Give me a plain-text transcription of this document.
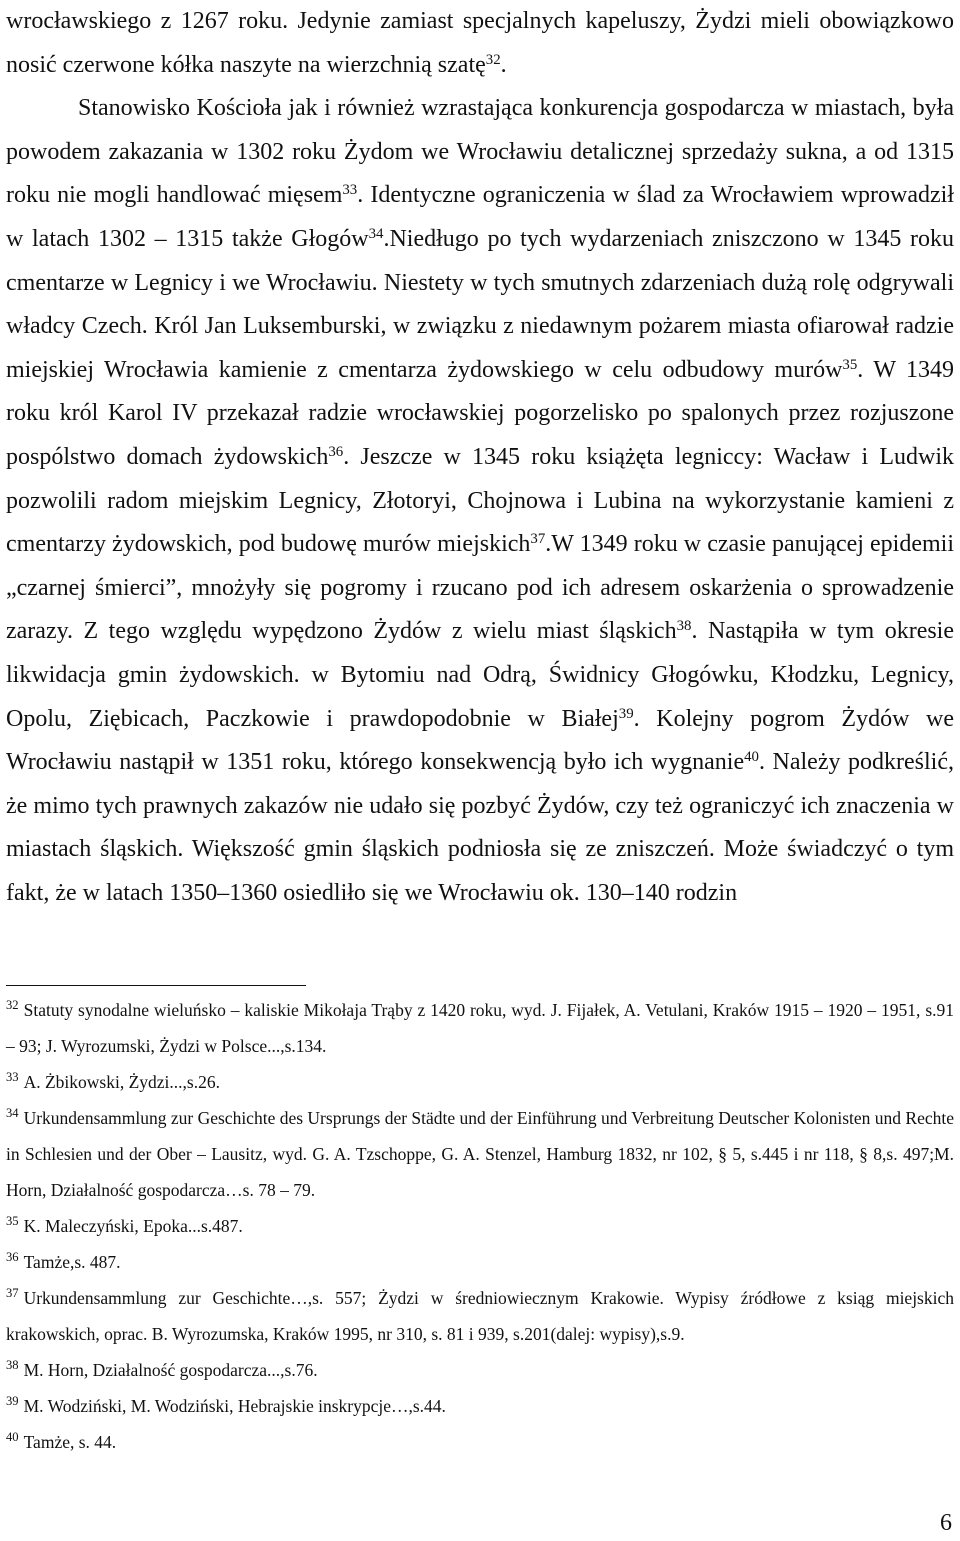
wrocławskiego z 1267 roku. Jedynie zamiast specjalnych kapeluszy, Żydzi mieli obowiązkowo nosić czerwone kółka naszyte na wierzchnią szatę$^{32}$.

Stanowisko Kościoła jak i również wzrastająca konkurencja gospodarcza w miastach, była powodem zakazania w 1302 roku Żydom we Wrocławiu detalicznej sprzedaży sukna, a od 1315 roku nie mogli handlować mięsem$^{33}$. Identyczne ograniczenia w ślad za Wrocławiem wprowadził w latach 1302 – 1315 także Głogów$^{34}$.Niedługo po tych wydarzeniach zniszczono w 1345 roku cmentarze w Legnicy i we Wrocławiu. Niestety w tych smutnych zdarzeniach dużą rolę odgrywali władcy Czech. Król Jan Luksemburski, w związku z niedawnym pożarem miasta ofiarował radzie miejskiej Wrocławia kamienie z cmentarza żydowskiego w celu odbudowy murów$^{35}$. W 1349 roku król Karol IV przekazał radzie wrocławskiej pogorzelisko po spalonych przez rozjuszone pospólstwo domach żydowskich$^{36}$. Jeszcze w 1345 roku książęta legniccy: Wacław i Ludwik pozwolili radom miejskim Legnicy, Złotoryi, Chojnowa i Lubina na wykorzystanie kamieni z cmentarzy żydowskich, pod budowę murów miejskich$^{37}$.W 1349 roku w czasie panującej epidemii „czarnej śmierci”, mnożyły się pogromy i rzucano pod ich adresem oskarżenia o sprowadzenie zarazy. Z tego względu wypędzono Żydów z wielu miast śląskich$^{38}$. Nastąpiła w tym okresie likwidacja gmin żydowskich. w Bytomiu nad Odrą, Świdnicy Głogówku, Kłodzku, Legnicy, Opolu, Ziębicach, Paczkowie i prawdopodobnie w Białej$^{39}$. Kolejny pogrom Żydów we Wrocławiu nastąpił w 1351 roku, którego konsekwencją było ich wygnanie$^{40}$. Należy podkreślić, że mimo tych prawnych zakazów nie udało się pozbyć Żydów, czy też ograniczyć ich znaczenia w miastach śląskich. Większość gmin śląskich podniosła się ze zniszczeń. Może świadczyć o tym fakt, że w latach 1350–1360 osiedliło się we Wrocławiu ok. 130–140 rodzin

$^{32}$ Statuty synodalne wieluńsko – kaliskie Mikołaja Trąby z 1420 roku, wyd. J. Fijałek, A. Vetulani, Kraków 1915 – 1920 – 1951, s.91 – 93; J. Wyrozumski, Żydzi w Polsce...,s.134.

$^{33}$ A. Żbikowski, Żydzi...,s.26.

$^{34}$ Urkundensammlung zur Geschichte des Ursprungs der Städte und der Einführung und Verbreitung Deutscher Kolonisten und Rechte in Schlesien und der Ober – Lausitz, wyd. G. A. Tzschoppe, G. A. Stenzel, Hamburg 1832, nr 102, § 5, s.445 i nr 118, § 8,s. 497;M. Horn, Działalność gospodarcza…s. 78 – 79.

$^{35}$ K. Maleczyński, Epoka...s.487.

$^{36}$ Tamże,s. 487.

$^{37}$ Urkundensammlung zur Geschichte…,s. 557; Żydzi w średniowiecznym Krakowie. Wypisy źródłowe z ksiąg miejskich krakowskich, oprac. B. Wyrozumska, Kraków 1995, nr 310, s. 81 i 939, s.201(dalej: wypisy),s.9.

$^{38}$ M. Horn, Działalność gospodarcza...,s.76.

$^{39}$ M. Wodziński, M. Wodziński, Hebrajskie inskrypcje…,s.44.

$^{40}$ Tamże, s. 44.

6
